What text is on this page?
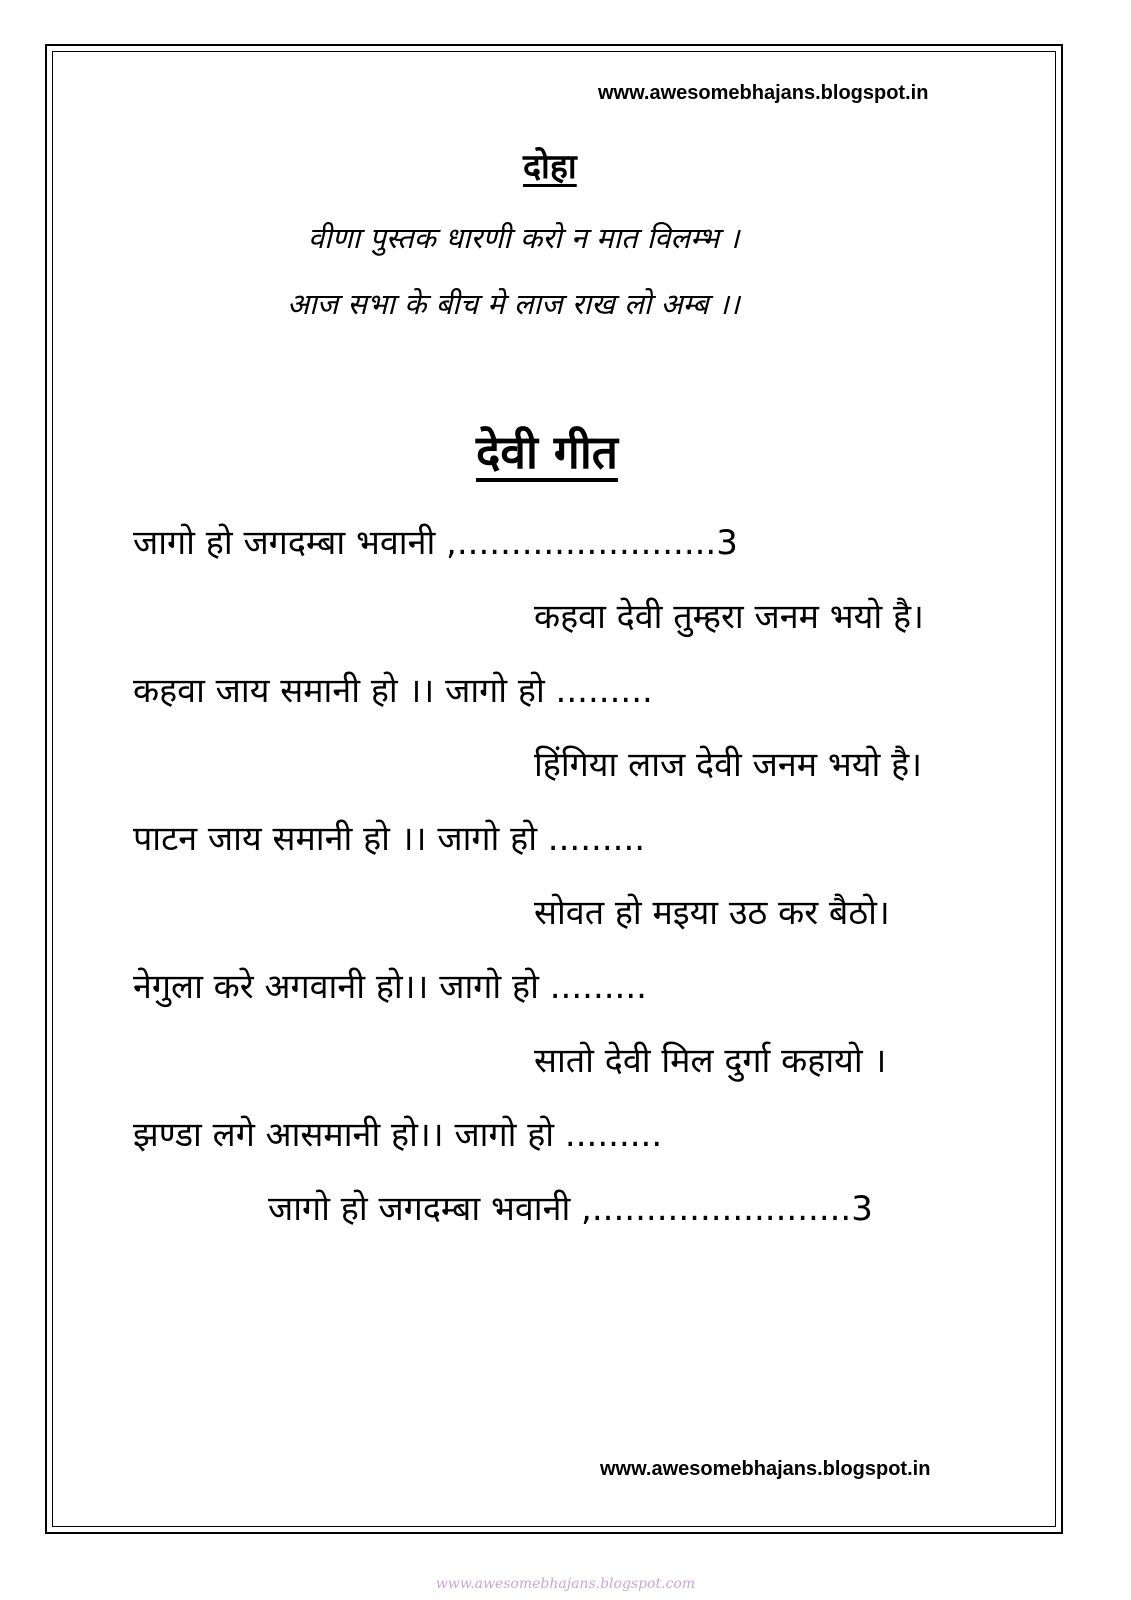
www.awesomebhajans.blogspot.in
दोहा
वीणा पुस्तक धारणी करो न मात विलम्भ ।
आज सभा के बीच मे लाज राख लो अम्ब ।।
देवी गीत
जागो हो जगदम्बा भवानी ,........................3
कहवा देवी तुम्हरा जनम भयो है।
कहवा जाय समानी हो ।। जागो हो .........
हिंगिया लाज देवी जनम भयो है।
पाटन जाय समानी हो ।। जागो हो .........
सोवत हो मइया उठ कर बैठो।
नेगुला करे अगवानी हो।। जागो हो .........
सातो देवी मिल दुर्गा कहायो ।
झण्डा लगे आसमानी हो।। जागो हो .........
जागो हो जगदम्बा भवानी ,........................3
www.awesomebhajans.blogspot.in
www.awesomebhajans.blogspot.com
